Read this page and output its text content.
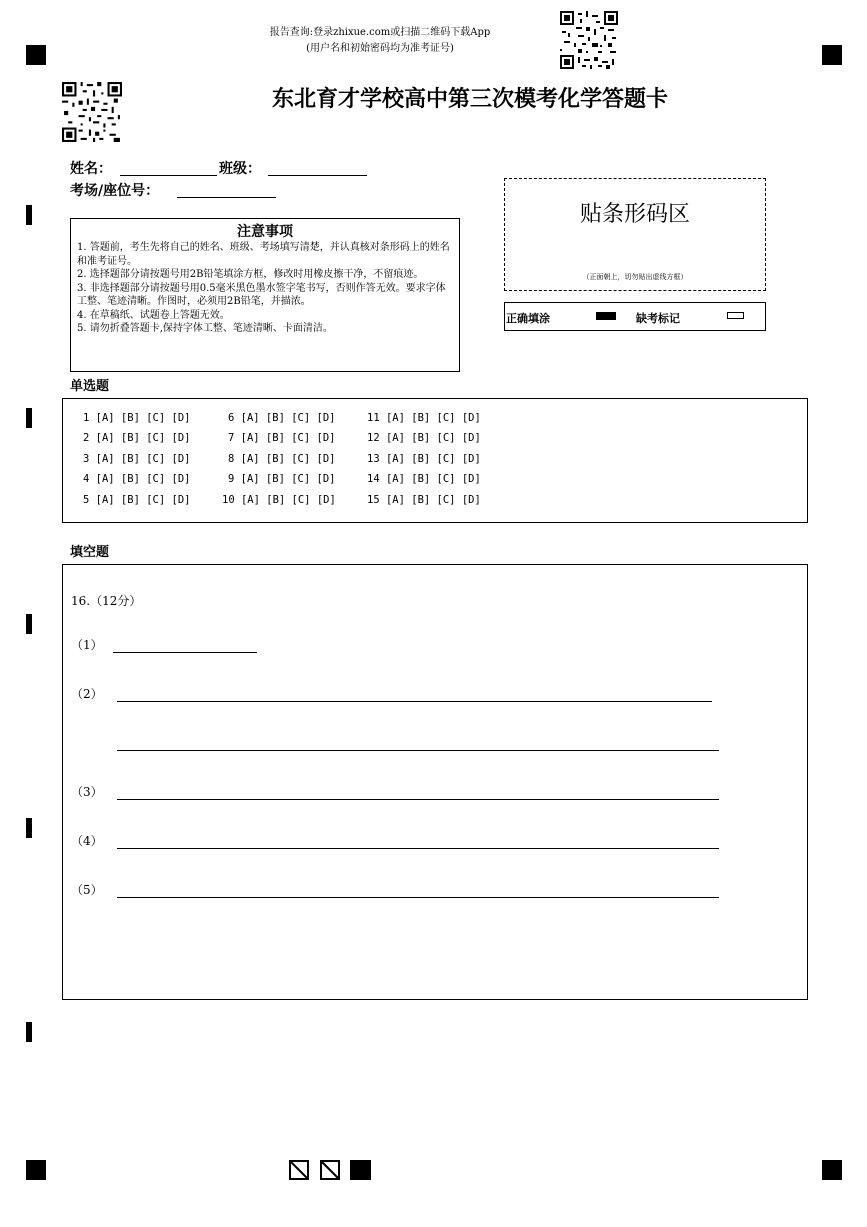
报告查询:登录zhixue.com或扫描二维码下载App
(用户名和初始密码均为准考证号)
东北育才学校高中第三次模考化学答题卡
姓名：	班级：
考场/座位号：
注意事项
1. 答题前，考生先将自己的姓名、班级、考场填写清楚，并认真核对条形码上的姓名和准考证号。
2. 选择题部分请按题号用2B铅笔填涂方框，修改时用橡皮擦干净，不留痕迹。
3. 非选择题部分请按题号用0.5毫米黑色墨水签字笔书写，否则作答无效。要求字体工整、笔迹清晰。作图时，必须用2B铅笔，并描浓。
4. 在草稿纸、试题卷上答题无效。
5. 请勿折叠答题卡,保持字体工整、笔迹清晰、卡面清洁。
贴条形码区
（正面朝上，切勿贴出虚线方框）
正确填涂	缺考标记
单选题
1 [A] [B] [C] [D]
2 [A] [B] [C] [D]
3 [A] [B] [C] [D]
4 [A] [B] [C] [D]
5 [A] [B] [C] [D]
6 [A] [B] [C] [D]
7 [A] [B] [C] [D]
8 [A] [B] [C] [D]
9 [A] [B] [C] [D]
10 [A] [B] [C] [D]
11 [A] [B] [C] [D]
12 [A] [B] [C] [D]
13 [A] [B] [C] [D]
14 [A] [B] [C] [D]
15 [A] [B] [C] [D]
填空题
16.（12分）
（1）
（2）
（3）
（4）
（5）
